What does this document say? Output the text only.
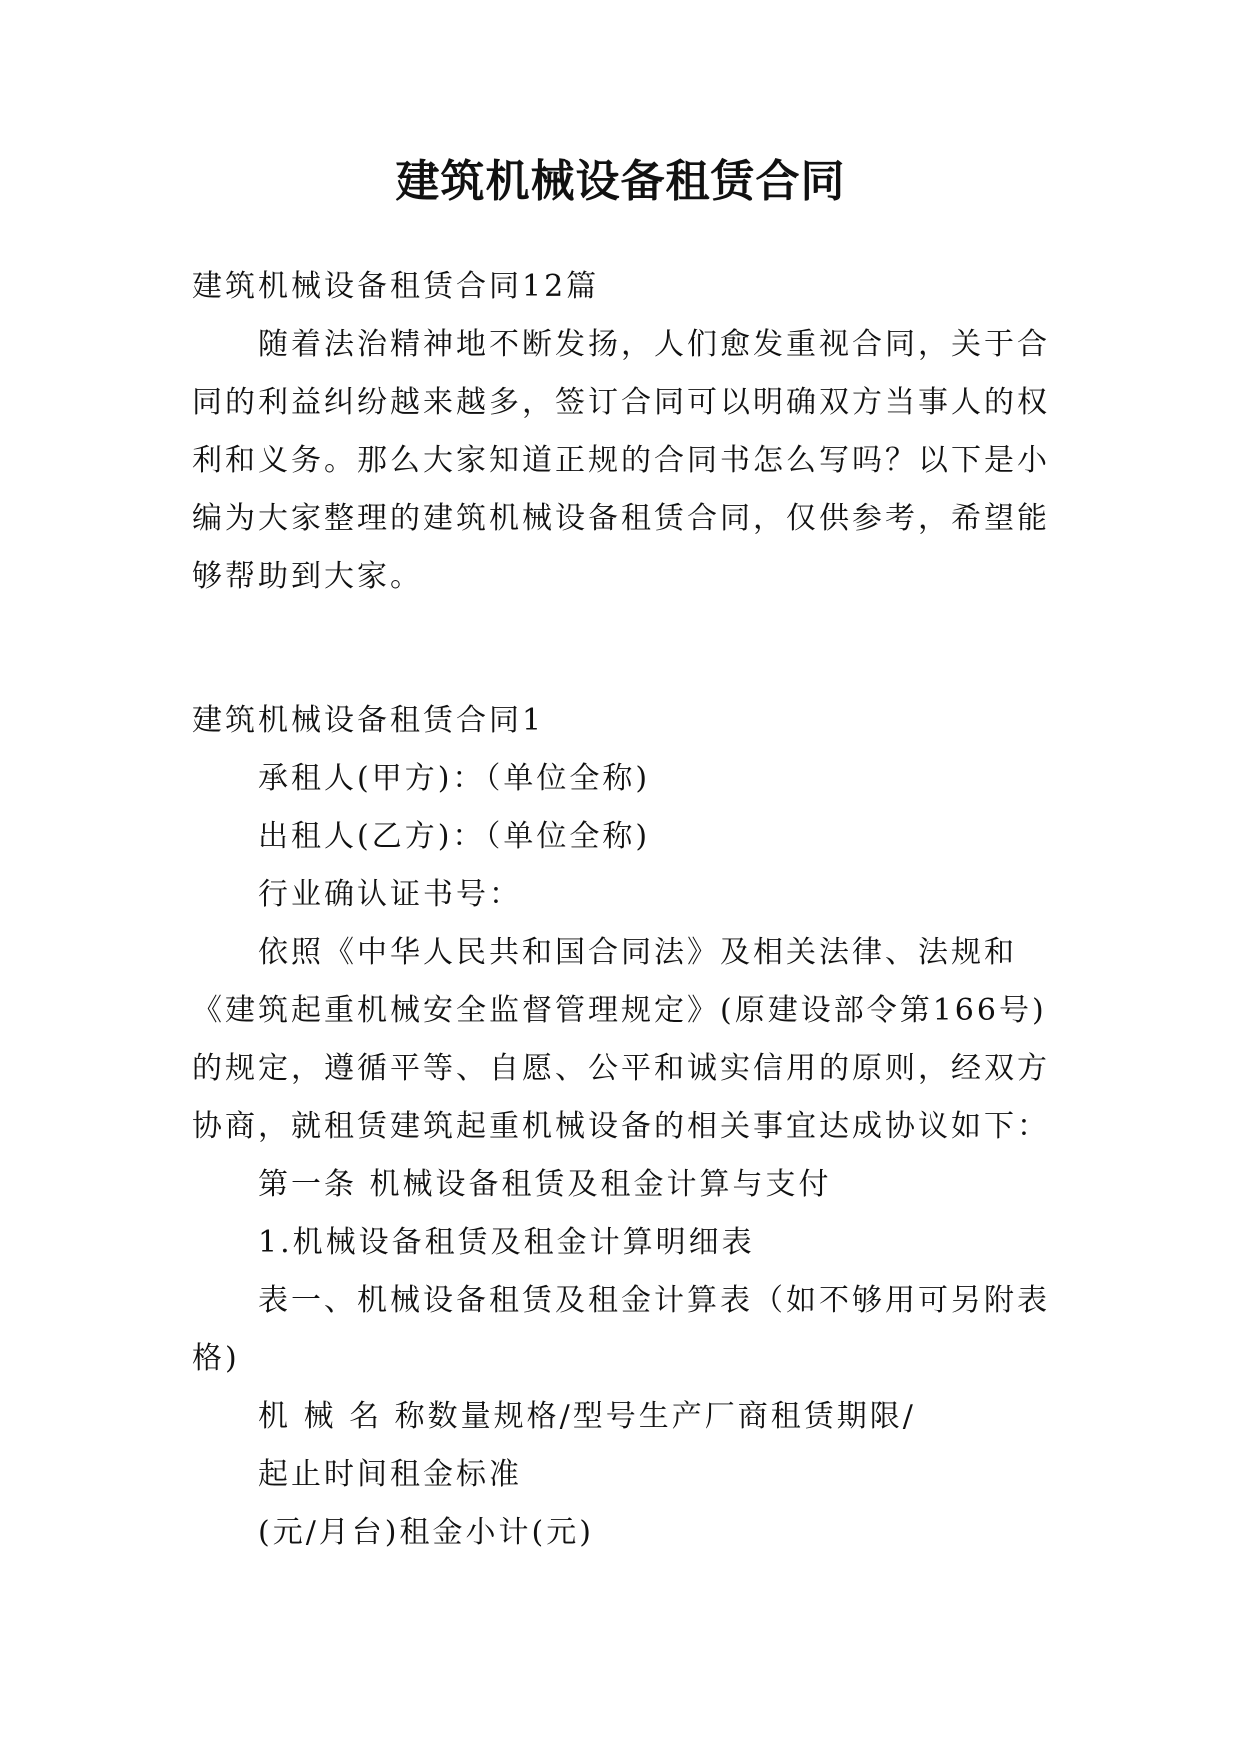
建筑机械设备租赁合同
建筑机械设备租赁合同12篇
随着法治精神地不断发扬，人们愈发重视合同，关于合
同的利益纠纷越来越多，签订合同可以明确双方当事人的权
利和义务。那么大家知道正规的合同书怎么写吗？以下是小
编为大家整理的建筑机械设备租赁合同，仅供参考，希望能
够帮助到大家。
建筑机械设备租赁合同1
承租人(甲方)：（单位全称)
出租人(乙方)：（单位全称)
行业确认证书号：
依照《中华人民共和国合同法》及相关法律、法规和
《建筑起重机械安全监督管理规定》(原建设部令第166号)
的规定，遵循平等、自愿、公平和诚实信用的原则，经双方
协商，就租赁建筑起重机械设备的相关事宜达成协议如下：
第一条 机械设备租赁及租金计算与支付
1.机械设备租赁及租金计算明细表
表一、机械设备租赁及租金计算表（如不够用可另附表
格)
机 械 名 称数量规格/型号生产厂商租赁期限/
起止时间租金标准
(元/月台)租金小计(元)
